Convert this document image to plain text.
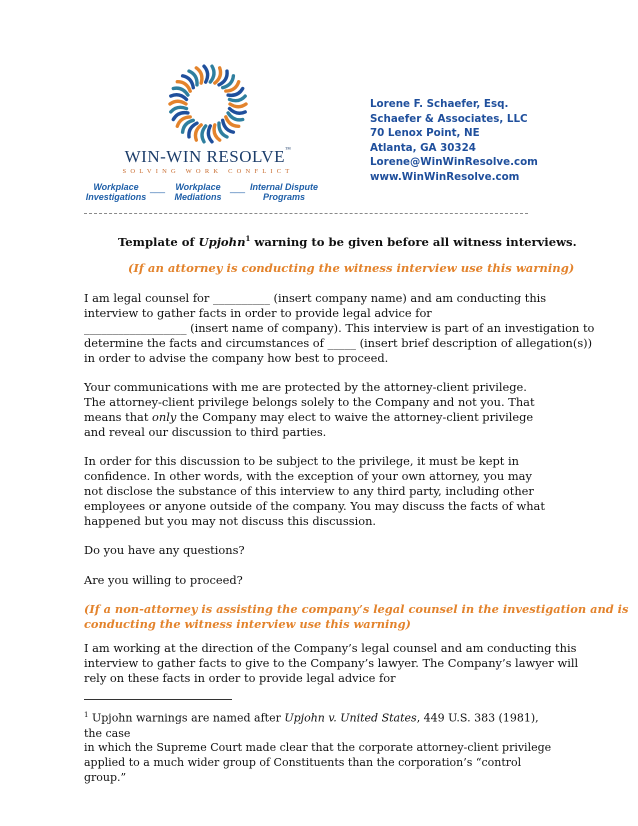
WIN-WIN RESOLVE™
SOLVING WORK CONFLICT
Workplace
Investigations
___	Workplace
Mediations
___ Internal Dispute
Programs
Lorene F. Schaefer, Esq.
Schaefer & Associates, LLC
70 Lenox Point, NE
Atlanta, GA 30324
Lorene@WinWinResolve.com
www.WinWinResolve.com
Template of Upjohn$^1$ warning to be given before all witness interviews.
(If an attorney is conducting the witness interview use this warning)
I am legal counsel for __________ (insert company name) and am conducting this
interview to gather facts in order to provide legal advice for
__________________ (insert name of company). This interview is part of an investigation to
determine the facts and circumstances of _____ (insert brief description of allegation(s))
in order to advise the company how best to proceed.
Your communications with me are protected by the attorney-client privilege.
The attorney-client privilege belongs solely to the Company and not you. That
means that only the Company may elect to waive the attorney-client privilege
and reveal our discussion to third parties.
In order for this discussion to be subject to the privilege, it must be kept in
confidence. In other words, with the exception of your own attorney, you may
not disclose the substance of this interview to any third party, including other
employees or anyone outside of the company. You may discuss the facts of what
happened but you may not discuss this discussion.
Do you have any questions?
Are you willing to proceed?
(If a non-attorney is assisting the company’s legal counsel in the investigation and is
conducting the witness interview use this warning)
I am working at the direction of the Company’s legal counsel and am conducting this
interview to gather facts to give to the Company’s lawyer. The Company’s lawyer will
rely on these facts in order to provide legal advice for
$^1$ Upjohn warnings are named after Upjohn v. United States, 449 U.S. 383 (1981), the case
in which the Supreme Court made clear that the corporate attorney-client privilege
applied to a much wider group of Constituents than the corporation’s “control group.”
